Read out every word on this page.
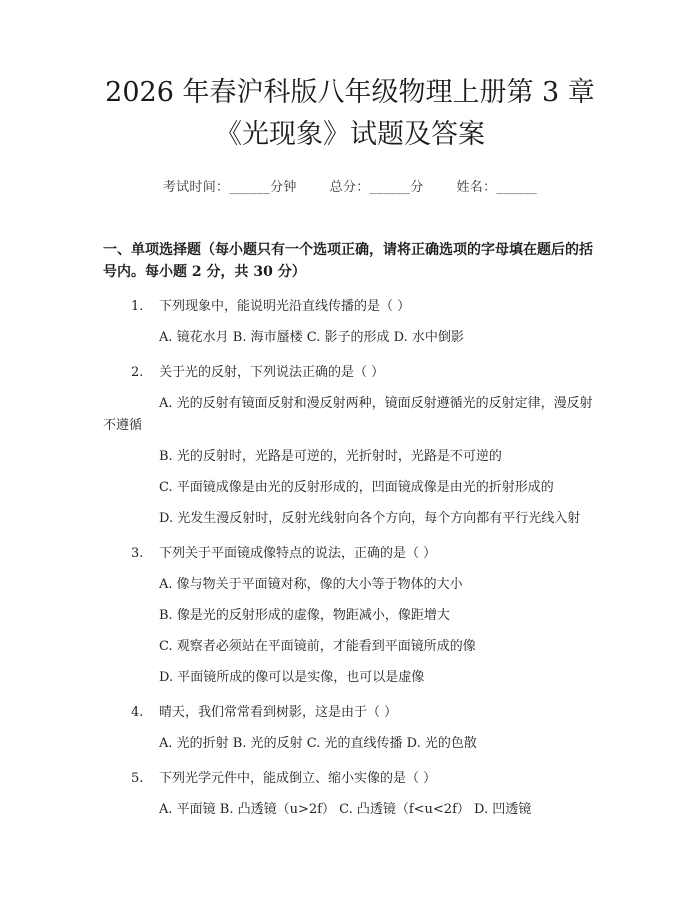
2026 年春沪科版八年级物理上册第 3 章《光现象》试题及答案
考试时间：______分钟	总分：______分	姓名：______
一、单项选择题（每小题只有一个选项正确，请将正确选项的字母填在题后的括号内。每小题 2 分，共 30 分）
1.	下列现象中，能说明光沿直线传播的是（ ）
A. 镜花水月 B. 海市蜃楼 C. 影子的形成 D. 水中倒影
2.	关于光的反射，下列说法正确的是（ ）
A. 光的反射有镜面反射和漫反射两种，镜面反射遵循光的反射定律，漫反射不遵循
B. 光的反射时，光路是可逆的，光折射时，光路是不可逆的
C. 平面镜成像是由光的反射形成的，凹面镜成像是由光的折射形成的
D. 光发生漫反射时，反射光线射向各个方向，每个方向都有平行光线入射
3.	下列关于平面镜成像特点的说法，正确的是（ ）
A. 像与物关于平面镜对称，像的大小等于物体的大小
B. 像是光的反射形成的虚像，物距减小，像距增大
C. 观察者必须站在平面镜前，才能看到平面镜所成的像
D. 平面镜所成的像可以是实像，也可以是虚像
4.	晴天，我们常常看到树影，这是由于（ ）
A. 光的折射 B. 光的反射 C. 光的直线传播 D. 光的色散
5.	下列光学元件中，能成倒立、缩小实像的是（ ）
A. 平面镜 B. 凸透镜（u>2f） C. 凸透镜（f<u<2f） D. 凹透镜
